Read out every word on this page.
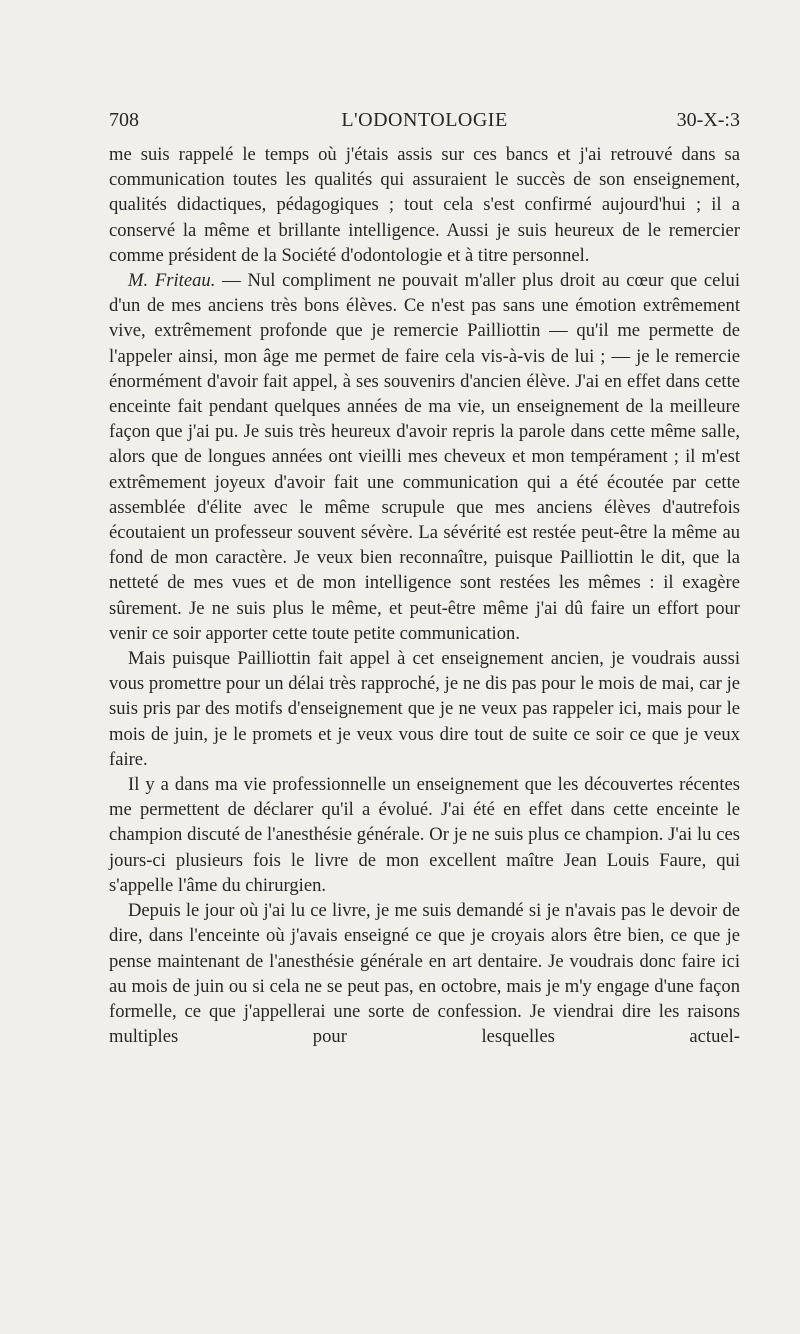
708	L'ODONTOLOGIE	30-X-:3

me suis rappelé le temps où j'étais assis sur ces bancs et j'ai retrouvé dans sa communication toutes les qualités qui assuraient le succès de son enseignement, qualités didactiques, pédagogiques ; tout cela s'est confirmé aujourd'hui ; il a conservé la même et brillante intelligence. Aussi je suis heureux de le remercier comme président de la Société d'odontologie et à titre personnel.

M. Friteau. — Nul compliment ne pouvait m'aller plus droit au cœur que celui d'un de mes anciens très bons élèves. Ce n'est pas sans une émotion extrêmement vive, extrêmement profonde que je remercie Pailliottin — qu'il me permette de l'appeler ainsi, mon âge me permet de faire cela vis-à-vis de lui ; — je le remercie énormément d'avoir fait appel, à ses souvenirs d'ancien élève. J'ai en effet dans cette enceinte fait pendant quelques années de ma vie, un enseignement de la meilleure façon que j'ai pu. Je suis très heureux d'avoir repris la parole dans cette même salle, alors que de longues années ont vieilli mes cheveux et mon tempérament ; il m'est extrêmement joyeux d'avoir fait une communication qui a été écoutée par cette assemblée d'élite avec le même scrupule que mes anciens élèves d'autrefois écoutaient un professeur souvent sévère. La sévérité est restée peut-être la même au fond de mon caractère. Je veux bien reconnaître, puisque Pailliottin le dit, que la netteté de mes vues et de mon intelligence sont restées les mêmes : il exagère sûrement. Je ne suis plus le même, et peut-être même j'ai dû faire un effort pour venir ce soir apporter cette toute petite communication.

Mais puisque Pailliottin fait appel à cet enseignement ancien, je voudrais aussi vous promettre pour un délai très rapproché, je ne dis pas pour le mois de mai, car je suis pris par des motifs d'enseignement que je ne veux pas rappeler ici, mais pour le mois de juin, je le promets et je veux vous dire tout de suite ce soir ce que je veux faire.

Il y a dans ma vie professionnelle un enseignement que les découvertes récentes me permettent de déclarer qu'il a évolué. J'ai été en effet dans cette enceinte le champion discuté de l'anesthésie générale. Or je ne suis plus ce champion. J'ai lu ces jours-ci plusieurs fois le livre de mon excellent maître Jean Louis Faure, qui s'appelle l'âme du chirurgien.

Depuis le jour où j'ai lu ce livre, je me suis demandé si je n'avais pas le devoir de dire, dans l'enceinte où j'avais enseigné ce que je croyais alors être bien, ce que je pense maintenant de l'anesthésie générale en art dentaire. Je voudrais donc faire ici au mois de juin ou si cela ne se peut pas, en octobre, mais je m'y engage d'une façon formelle, ce que j'appellerai une sorte de confession. Je viendrai dire les raisons multiples pour lesquelles actuel-
